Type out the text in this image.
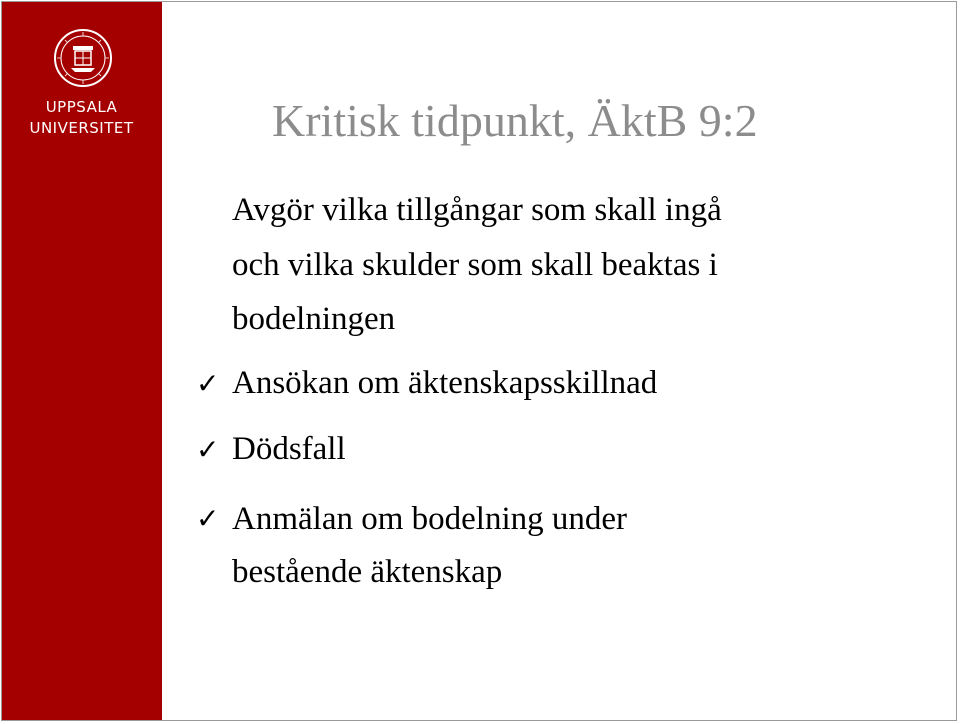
UPPSALA
UNIVERSITET	Kritisk tidpunkt, ÄktB 9:2
Avgör vilka tillgångar som skall ingå
och vilka skulder som skall beaktas i
bodelningen
✓ Ansökan om äktenskapsskillnad
✓ Dödsfall
✓ Anmälan om bodelning under
bestående äktenskap
